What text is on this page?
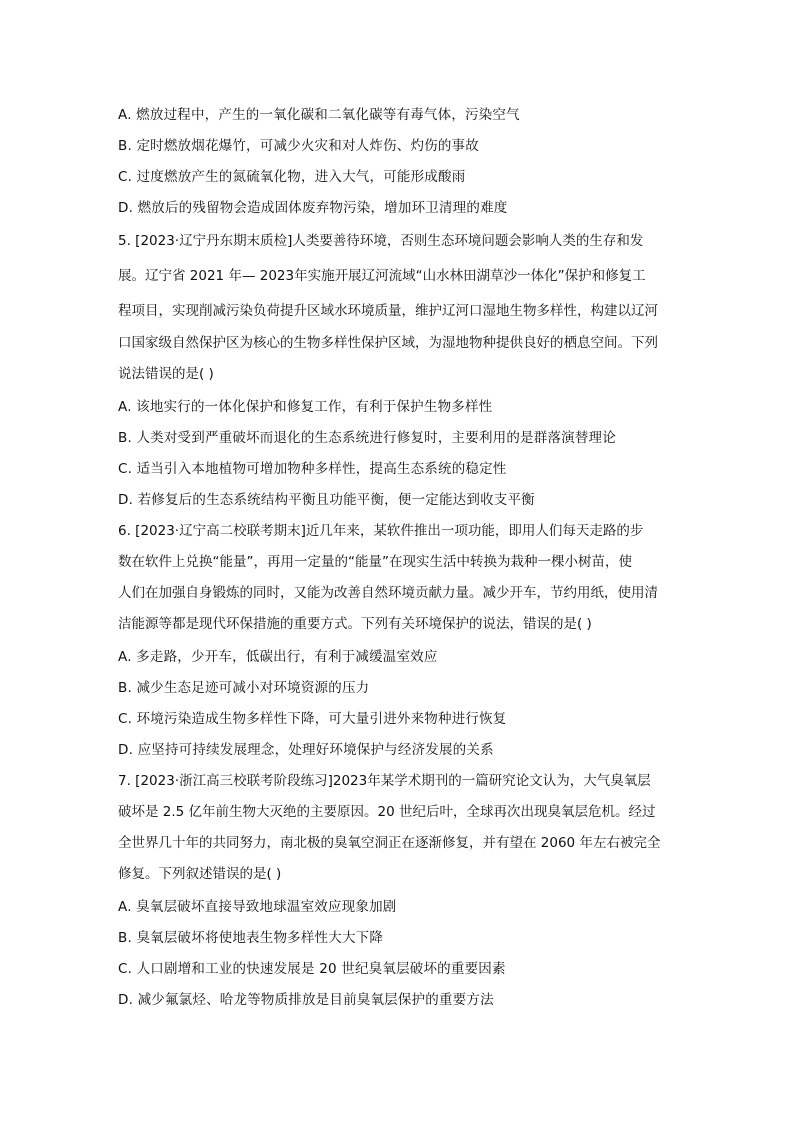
A. 燃放过程中，产生的一氧化碳和二氧化碳等有毒气体，污染空气
B. 定时燃放烟花爆竹，可减少火灾和对人炸伤、灼伤的事故
C. 过度燃放产生的氮硫氧化物，进入大气，可能形成酸雨
D. 燃放后的残留物会造成固体废弃物污染，增加环卫清理的难度
5. [2023·辽宁丹东期末质检]人类要善待环境，否则生态环境问题会影响人类的生存和发
展。辽宁省 2021 年— 2023年实施开展辽河流域“山水林田湖草沙一体化”保护和修复工
程项目，实现削减污染负荷提升区域水环境质量，维护辽河口湿地生物多样性，构建以辽河
口国家级自然保护区为核心的生物多样性保护区域，为湿地物种提供良好的栖息空间。下列
说法错误的是( )
A. 该地实行的一体化保护和修复工作，有利于保护生物多样性
B. 人类对受到严重破坏而退化的生态系统进行修复时，主要利用的是群落演替理论
C. 适当引入本地植物可增加物种多样性，提高生态系统的稳定性
D. 若修复后的生态系统结构平衡且功能平衡，便一定能达到收支平衡
6. [2023·辽宁高二校联考期末]近几年来，某软件推出一项功能，即用人们每天走路的步
数在软件上兑换“能量”，再用一定量的“能量”在现实生活中转换为栽种一棵小树苗，使
人们在加强自身锻炼的同时，又能为改善自然环境贡献力量。减少开车，节约用纸，使用清
洁能源等都是现代环保措施的重要方式。下列有关环境保护的说法，错误的是( )
A. 多走路，少开车，低碳出行，有利于减缓温室效应
B. 减少生态足迹可减小对环境资源的压力
C. 环境污染造成生物多样性下降，可大量引进外来物种进行恢复
D. 应坚持可持续发展理念，处理好环境保护与经济发展的关系
7. [2023·浙江高三校联考阶段练习]2023年某学术期刊的一篇研究论文认为，大气臭氧层
破坏是 2.5 亿年前生物大灭绝的主要原因。20 世纪后叶，全球再次出现臭氧层危机。经过
全世界几十年的共同努力，南北极的臭氧空洞正在逐渐修复，并有望在 2060 年左右被完全
修复。下列叙述错误的是( )
A. 臭氧层破坏直接导致地球温室效应现象加剧
B. 臭氧层破坏将使地表生物多样性大大下降
C. 人口剧增和工业的快速发展是 20 世纪臭氧层破坏的重要因素
D. 减少氟氯烃、哈龙等物质排放是目前臭氧层保护的重要方法
